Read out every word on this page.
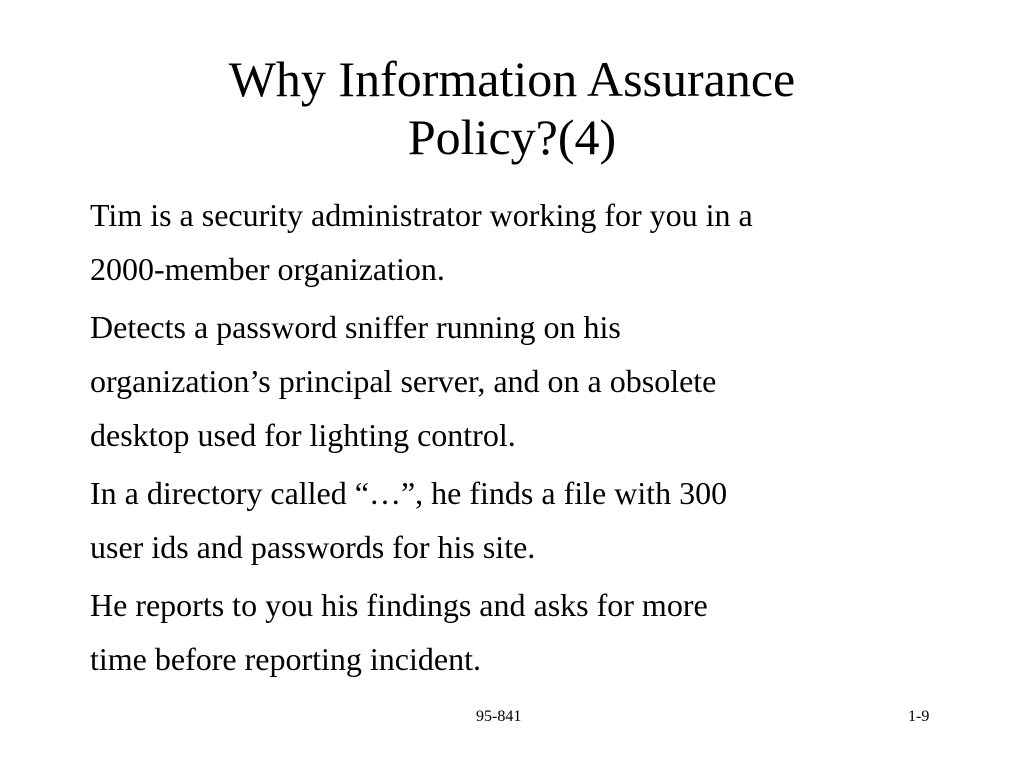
Why Information Assurance
Policy?(4)

Tim is a security administrator working for you in a
2000-member organization.

Detects a password sniffer running on his
organization’s principal server, and on a obsolete
desktop used for lighting control.

In a directory called “…”, he finds a file with 300
user ids and passwords for his site.

He reports to you his findings and asks for more
time before reporting incident.

95-841	1-9
